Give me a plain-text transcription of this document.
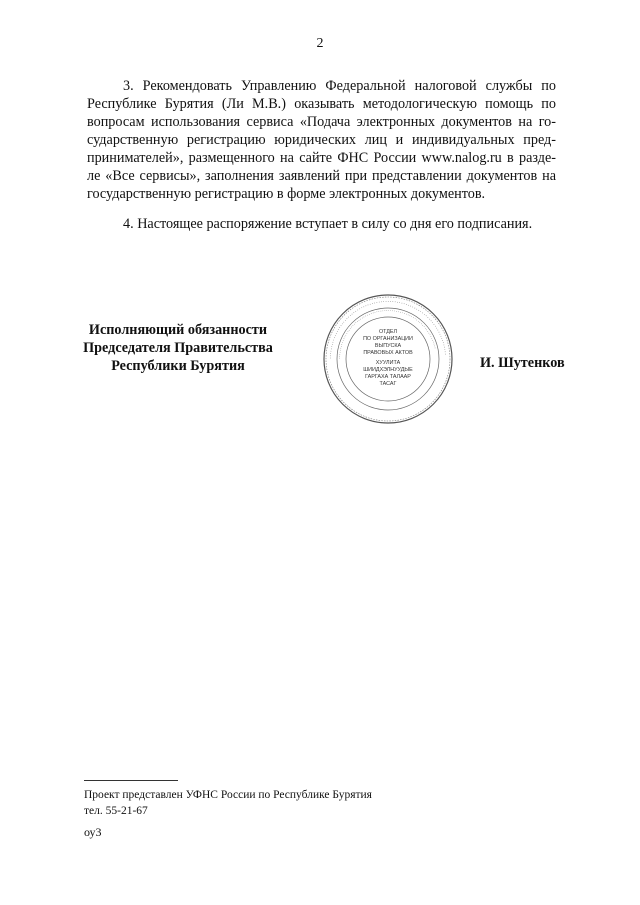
2
3. Рекомендовать Управлению Федеральной налоговой службы по
Республике Бурятия (Ли М.В.) оказывать методологическую помощь по
вопросам использования сервиса «Подача электронных документов на го-
сударственную регистрацию юридических лиц и индивидуальных пред-
принимателей», размещенного на сайте ФНС России www.nalog.ru в разде-
ле «Все сервисы», заполнения заявлений при представлении документов на
государственную регистрацию в форме электронных документов.
4. Настоящее распоряжение вступает в силу со дня его подписания.
Исполняющий обязанности
Председателя Правительства
Республики Бурятия
·············································································
·······································································
ОТДЕЛ
ПО ОРГАНИЗАЦИИ
ВЫПУСКА
ПРАВОВЫХ АКТОВ
ХУУЛИТА
ШИИДХЭЛНУУДЫЕ
ГАРГАХА ТАЛААР
ТАСАГ
И. Шутенков
Проект представлен УФНС России по Республике Бурятия
тел. 55-21-67
оу3
